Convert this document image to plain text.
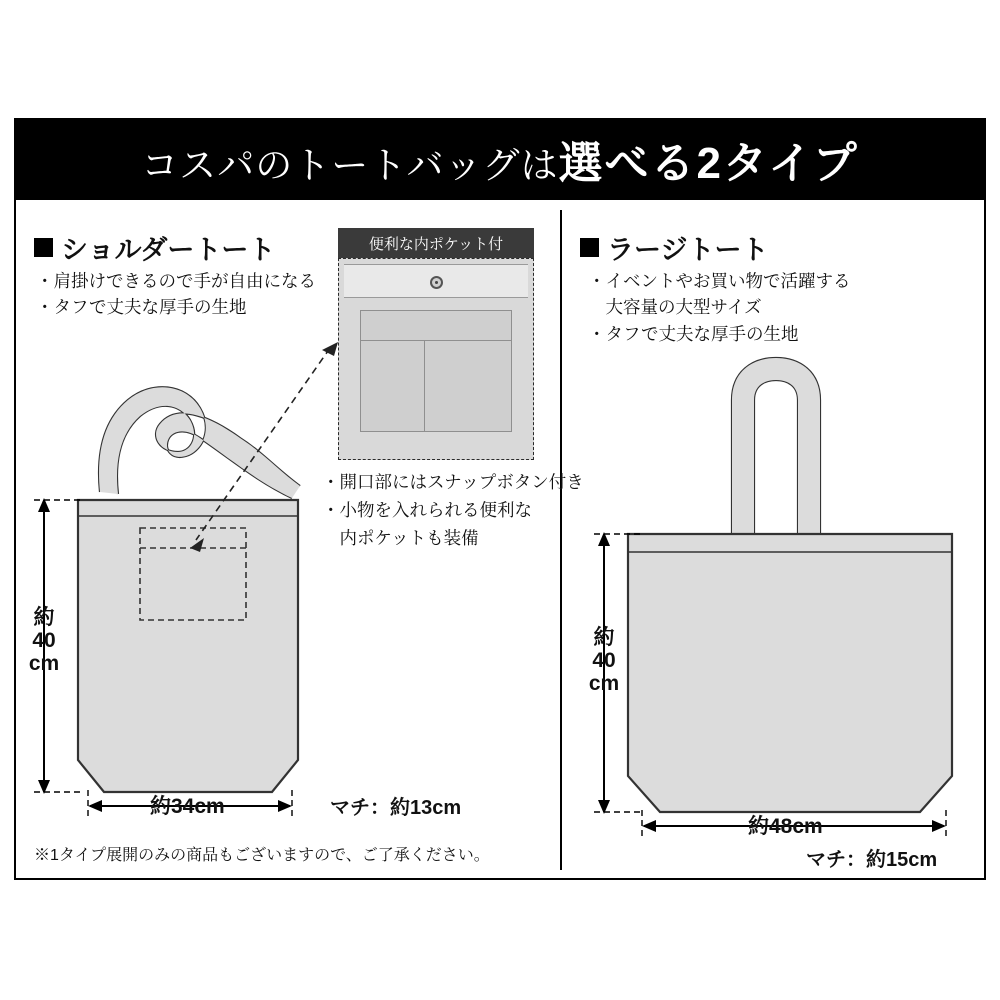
コスパのトートバッグは選べる2タイプ
ショルダートート
・肩掛けできるので手が自由になる
・タフで丈夫な厚手の生地
約
40
cm
約34cm	マチ：約13cm
便利な内ポケット付
・開口部にはスナップボタン付き
・小物を入れられる便利な
　内ポケットも装備
※1タイプ展開のみの商品もございますので、ご了承ください。
ラージトート
・イベントやお買い物で活躍する
　大容量の大型サイズ
・タフで丈夫な厚手の生地
約
40
cm
約48cm
マチ：約15cm
